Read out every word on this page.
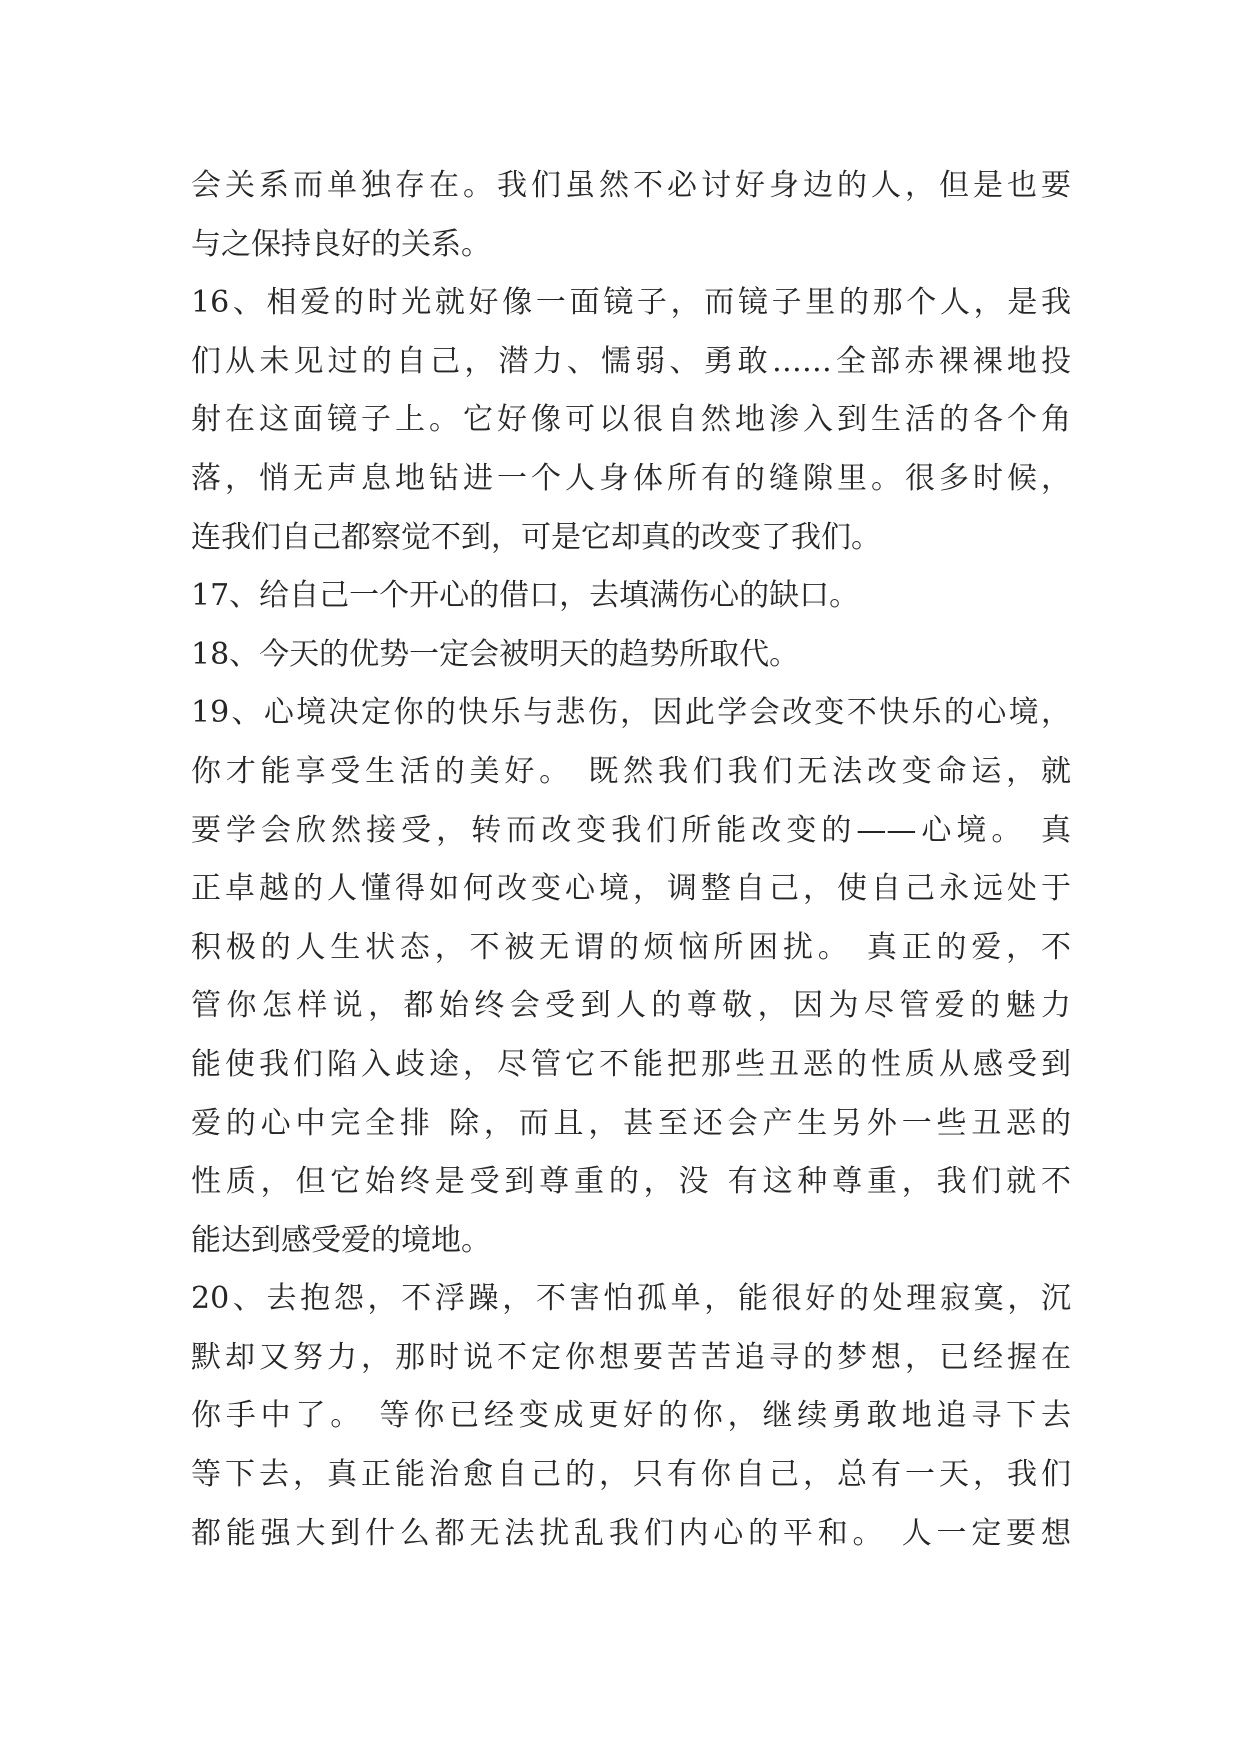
会关系而单独存在。我们虽然不必讨好身边的人，但是也要
与之保持良好的关系。
16、相爱的时光就好像一面镜子，而镜子里的那个人，是我
们从未见过的自己，潜力、懦弱、勇敢……全部赤裸裸地投
射在这面镜子上。它好像可以很自然地渗入到生活的各个角
落，悄无声息地钻进一个人身体所有的缝隙里。很多时候，
连我们自己都察觉不到，可是它却真的改变了我们。
17、给自己一个开心的借口，去填满伤心的缺口。
18、今天的优势一定会被明天的趋势所取代。
19、心境决定你的快乐与悲伤，因此学会改变不快乐的心境，
你才能享受生活的美好。 既然我们我们无法改变命运，就
要学会欣然接受，转而改变我们所能改变的——心境。 真
正卓越的人懂得如何改变心境，调整自己，使自己永远处于
积极的人生状态，不被无谓的烦恼所困扰。 真正的爱，不
管你怎样说，都始终会受到人的尊敬，因为尽管爱的魅力
能使我们陷入歧途，尽管它不能把那些丑恶的性质从感受到
爱的心中完全排 除，而且，甚至还会产生另外一些丑恶的
性质，但它始终是受到尊重的，没 有这种尊重，我们就不
能达到感受爱的境地。
20、去抱怨，不浮躁，不害怕孤单，能很好的处理寂寞，沉
默却又努力，那时说不定你想要苦苦追寻的梦想，已经握在
你手中了。 等你已经变成更好的你，继续勇敢地追寻下去
等下去，真正能治愈自己的，只有你自己，总有一天，我们
都能强大到什么都无法扰乱我们内心的平和。 人一定要想
